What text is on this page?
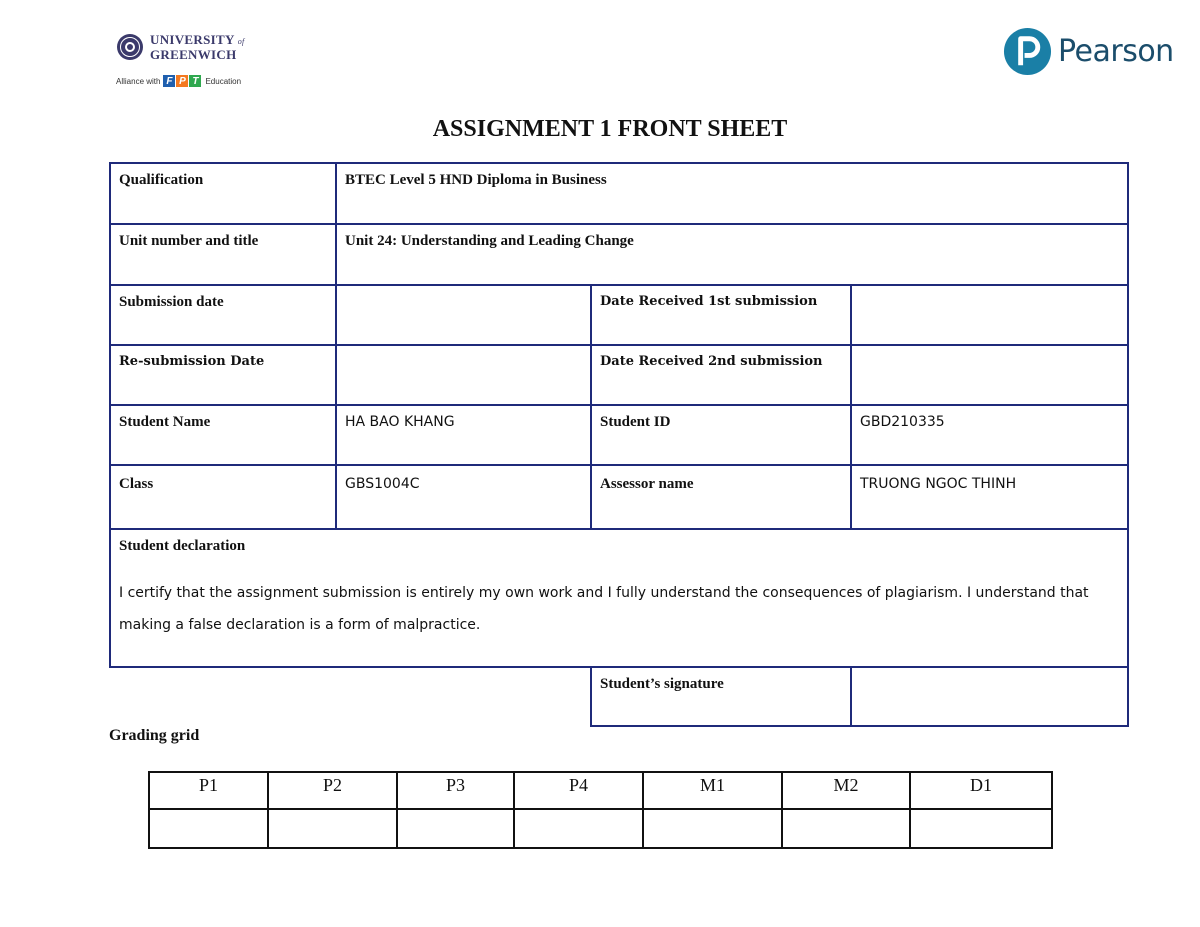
UNIVERSITY of
GREENWICH
Alliance with F P T Education
Pearson
ASSIGNMENT 1 FRONT SHEET
Qualification	BTEC Level 5 HND Diploma in Business		
Unit number and title	Unit 24: Understanding and Leading Change		
Submission date		Date Received 1st submission	
Re-submission Date		Date Received 2nd submission	
Student Name	HA BAO KHANG	Student ID	GBD210335
Class	GBS1004C	Assessor name	TRUONG NGOC THINH

Student declaration
I certify that the assignment submission is entirely my own work and I fully understand the consequences of plagiarism. I understand that making a false declaration is a form of malpractice.			

		Student’s signature	
Grading grid
P1	P2	P3	P4	M1	M2	D1
